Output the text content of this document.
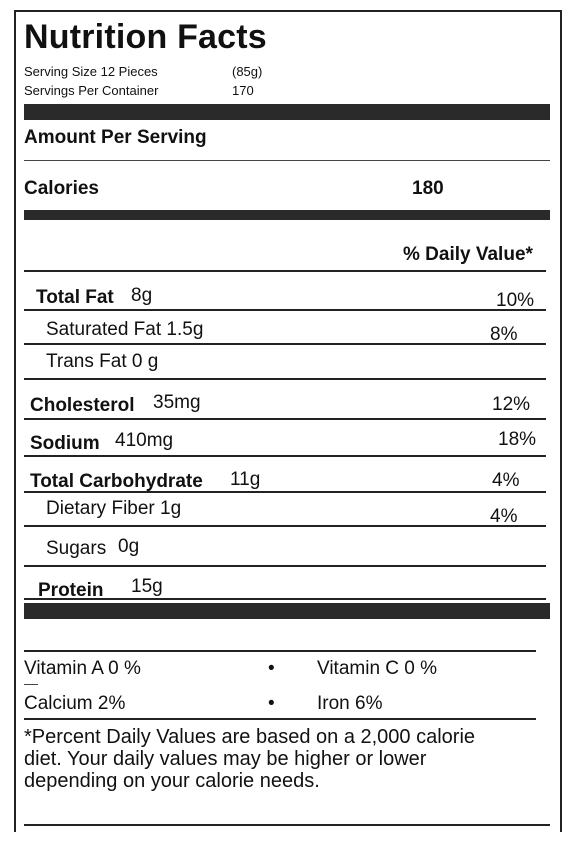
Nutrition Facts
Serving Size 12 Pieces	(85g)
Servings Per Container	170
Amount Per Serving
Calories	180
% Daily Value*
Total Fat 8g	10%
Saturated Fat 1.5g	8%
Trans Fat 0 g
Cholesterol 35mg	12%
Sodium 410mg	18%
Total Carbohydrate 11g	4%
Dietary Fiber 1g	4%
Sugars 0g
Protein 15g
Vitamin A 0 %	• Vitamin C 0 %
Calcium 2%	• Iron 6%
*Percent Daily Values are based on a 2,000 calorie
diet. Your daily values may be higher or lower
depending on your calorie needs.
